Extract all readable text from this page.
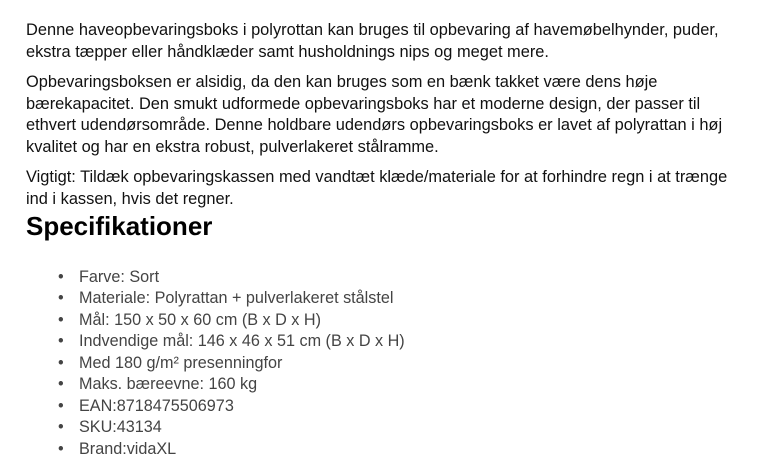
Denne haveopbevaringsboks i polyrottan kan bruges til opbevaring af havemøbelhynder, puder, ekstra tæpper eller håndklæder samt husholdnings nips og meget mere.

Opbevaringsboksen er alsidig, da den kan bruges som en bænk takket være dens høje bærekapacitet. Den smukt udformede opbevaringsboks har et moderne design, der passer til ethvert udendørsområde. Denne holdbare udendørs opbevaringsboks er lavet af polyrattan i høj kvalitet og har en ekstra robust, pulverlakeret stålramme.

Vigtigt: Tildæk opbevaringskassen med vandtæt klæde/materiale for at forhindre regn i at trænge ind i kassen, hvis det regner.

Specifikationer
• Farve: Sort
• Materiale: Polyrattan + pulverlakeret stålstel
• Mål: 150 x 50 x 60 cm (B x D x H)
• Indvendige mål: 146 x 46 x 51 cm (B x D x H)
• Med 180 g/m² presenningfor
• Maks. bæreevne: 160 kg
• EAN:8718475506973
• SKU:43134
• Brand:vidaXL
